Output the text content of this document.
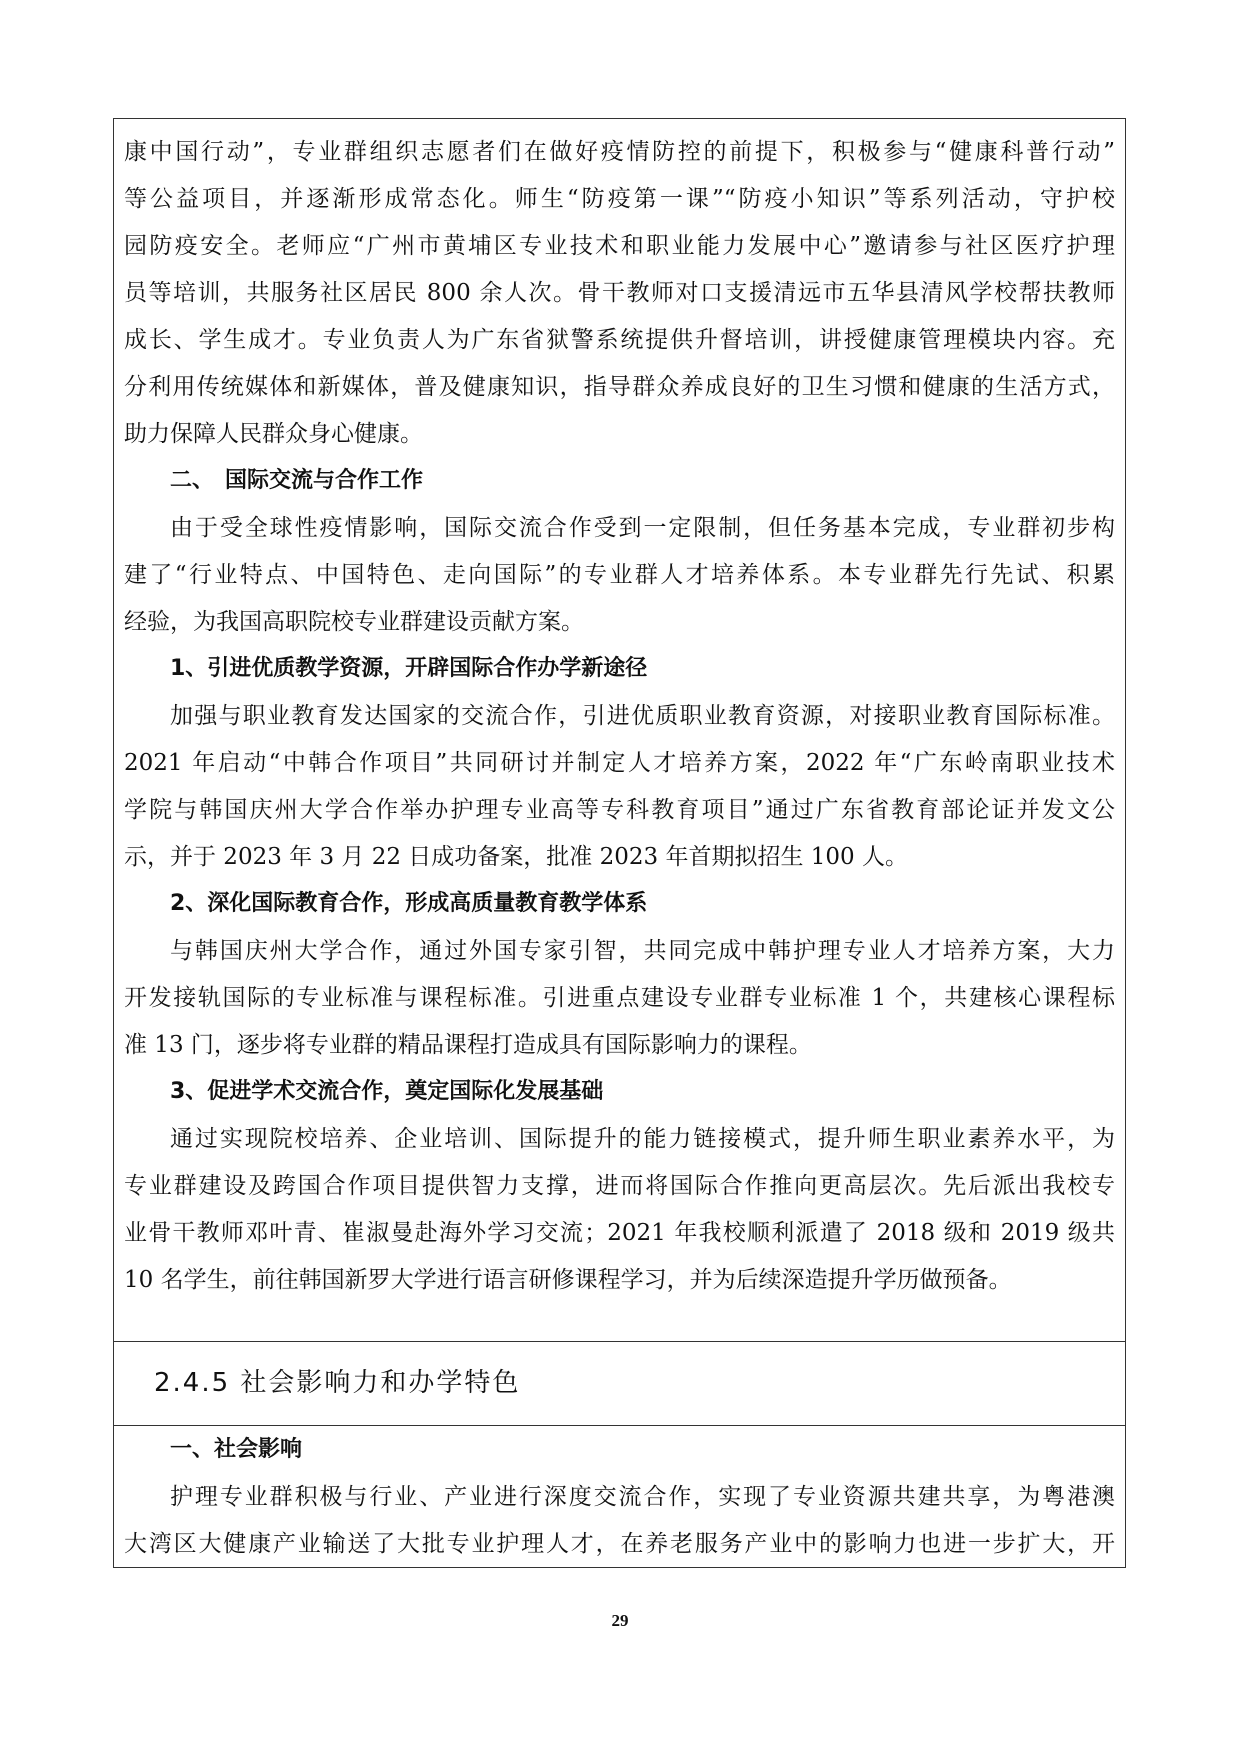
康中国行动”，专业群组织志愿者们在做好疫情防控的前提下，积极参与“健康科普行动”
等公益项目，并逐渐形成常态化。师生“防疫第一课”“防疫小知识”等系列活动，守护校
园防疫安全。老师应“广州市黄埔区专业技术和职业能力发展中心”邀请参与社区医疗护理
员等培训，共服务社区居民 800 余人次。骨干教师对口支援清远市五华县清风学校帮扶教师
成长、学生成才。专业负责人为广东省狱警系统提供升督培训，讲授健康管理模块内容。充
分利用传统媒体和新媒体，普及健康知识，指导群众养成良好的卫生习惯和健康的生活方式，
助力保障人民群众身心健康。
二、　国际交流与合作工作
由于受全球性疫情影响，国际交流合作受到一定限制，但任务基本完成，专业群初步构
建了“行业特点、中国特色、走向国际”的专业群人才培养体系。本专业群先行先试、积累
经验，为我国高职院校专业群建设贡献方案。
1、引进优质教学资源，开辟国际合作办学新途径
加强与职业教育发达国家的交流合作，引进优质职业教育资源，对接职业教育国际标准。
2021 年启动“中韩合作项目”共同研讨并制定人才培养方案，2022 年“广东岭南职业技术
学院与韩国庆州大学合作举办护理专业高等专科教育项目”通过广东省教育部论证并发文公
示，并于 2023 年 3 月 22 日成功备案，批准 2023 年首期拟招生 100 人。
2、深化国际教育合作，形成高质量教育教学体系
与韩国庆州大学合作，通过外国专家引智，共同完成中韩护理专业人才培养方案，大力
开发接轨国际的专业标准与课程标准。引进重点建设专业群专业标准 1 个，共建核心课程标
准 13 门，逐步将专业群的精品课程打造成具有国际影响力的课程。
3、促进学术交流合作，奠定国际化发展基础
通过实现院校培养、企业培训、国际提升的能力链接模式，提升师生职业素养水平，为
专业群建设及跨国合作项目提供智力支撑，进而将国际合作推向更高层次。先后派出我校专
业骨干教师邓叶青、崔淑曼赴海外学习交流；2021 年我校顺利派遣了 2018 级和 2019 级共
10 名学生，前往韩国新罗大学进行语言研修课程学习，并为后续深造提升学历做预备。
2.4.5 社会影响力和办学特色
一、社会影响
护理专业群积极与行业、产业进行深度交流合作，实现了专业资源共建共享，为粤港澳
大湾区大健康产业输送了大批专业护理人才，在养老服务产业中的影响力也进一步扩大，开
29
